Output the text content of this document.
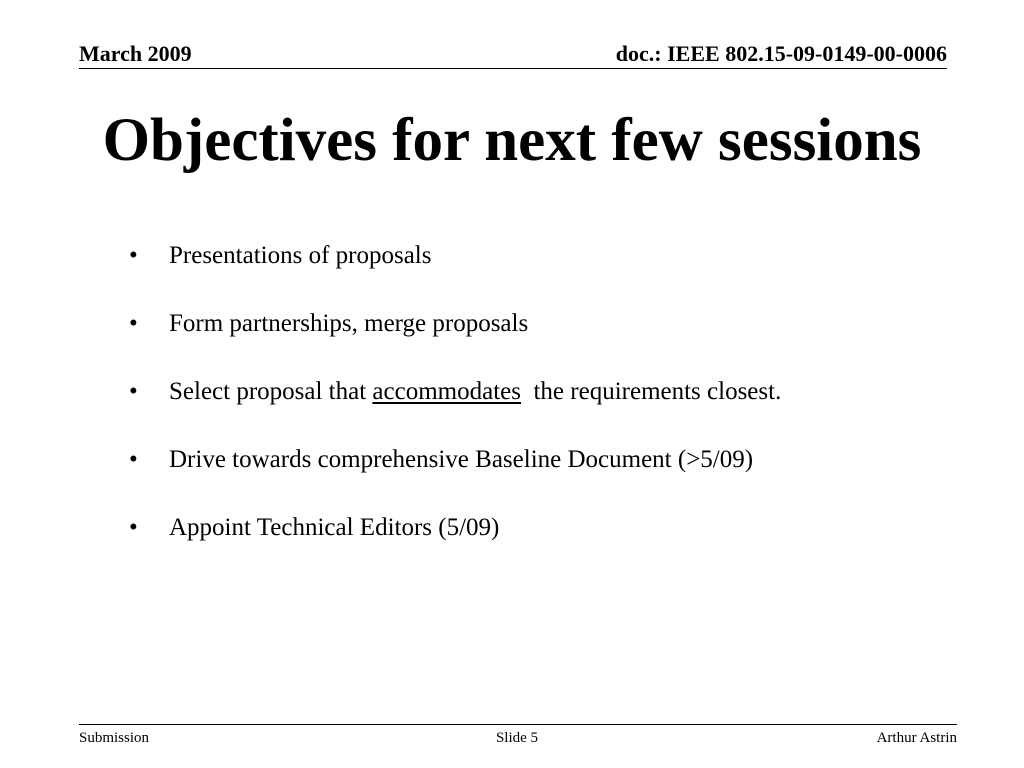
March 2009	doc.: IEEE 802.15-09-0149-00-0006
Objectives for next few sessions
•	Presentations of proposals
•	Form partnerships, merge proposals
•	Select proposal that accommodates  the requirements closest.
•	Drive towards comprehensive Baseline Document (>5/09)
•	Appoint Technical Editors (5/09)
Submission	Slide 5	Arthur Astrin
